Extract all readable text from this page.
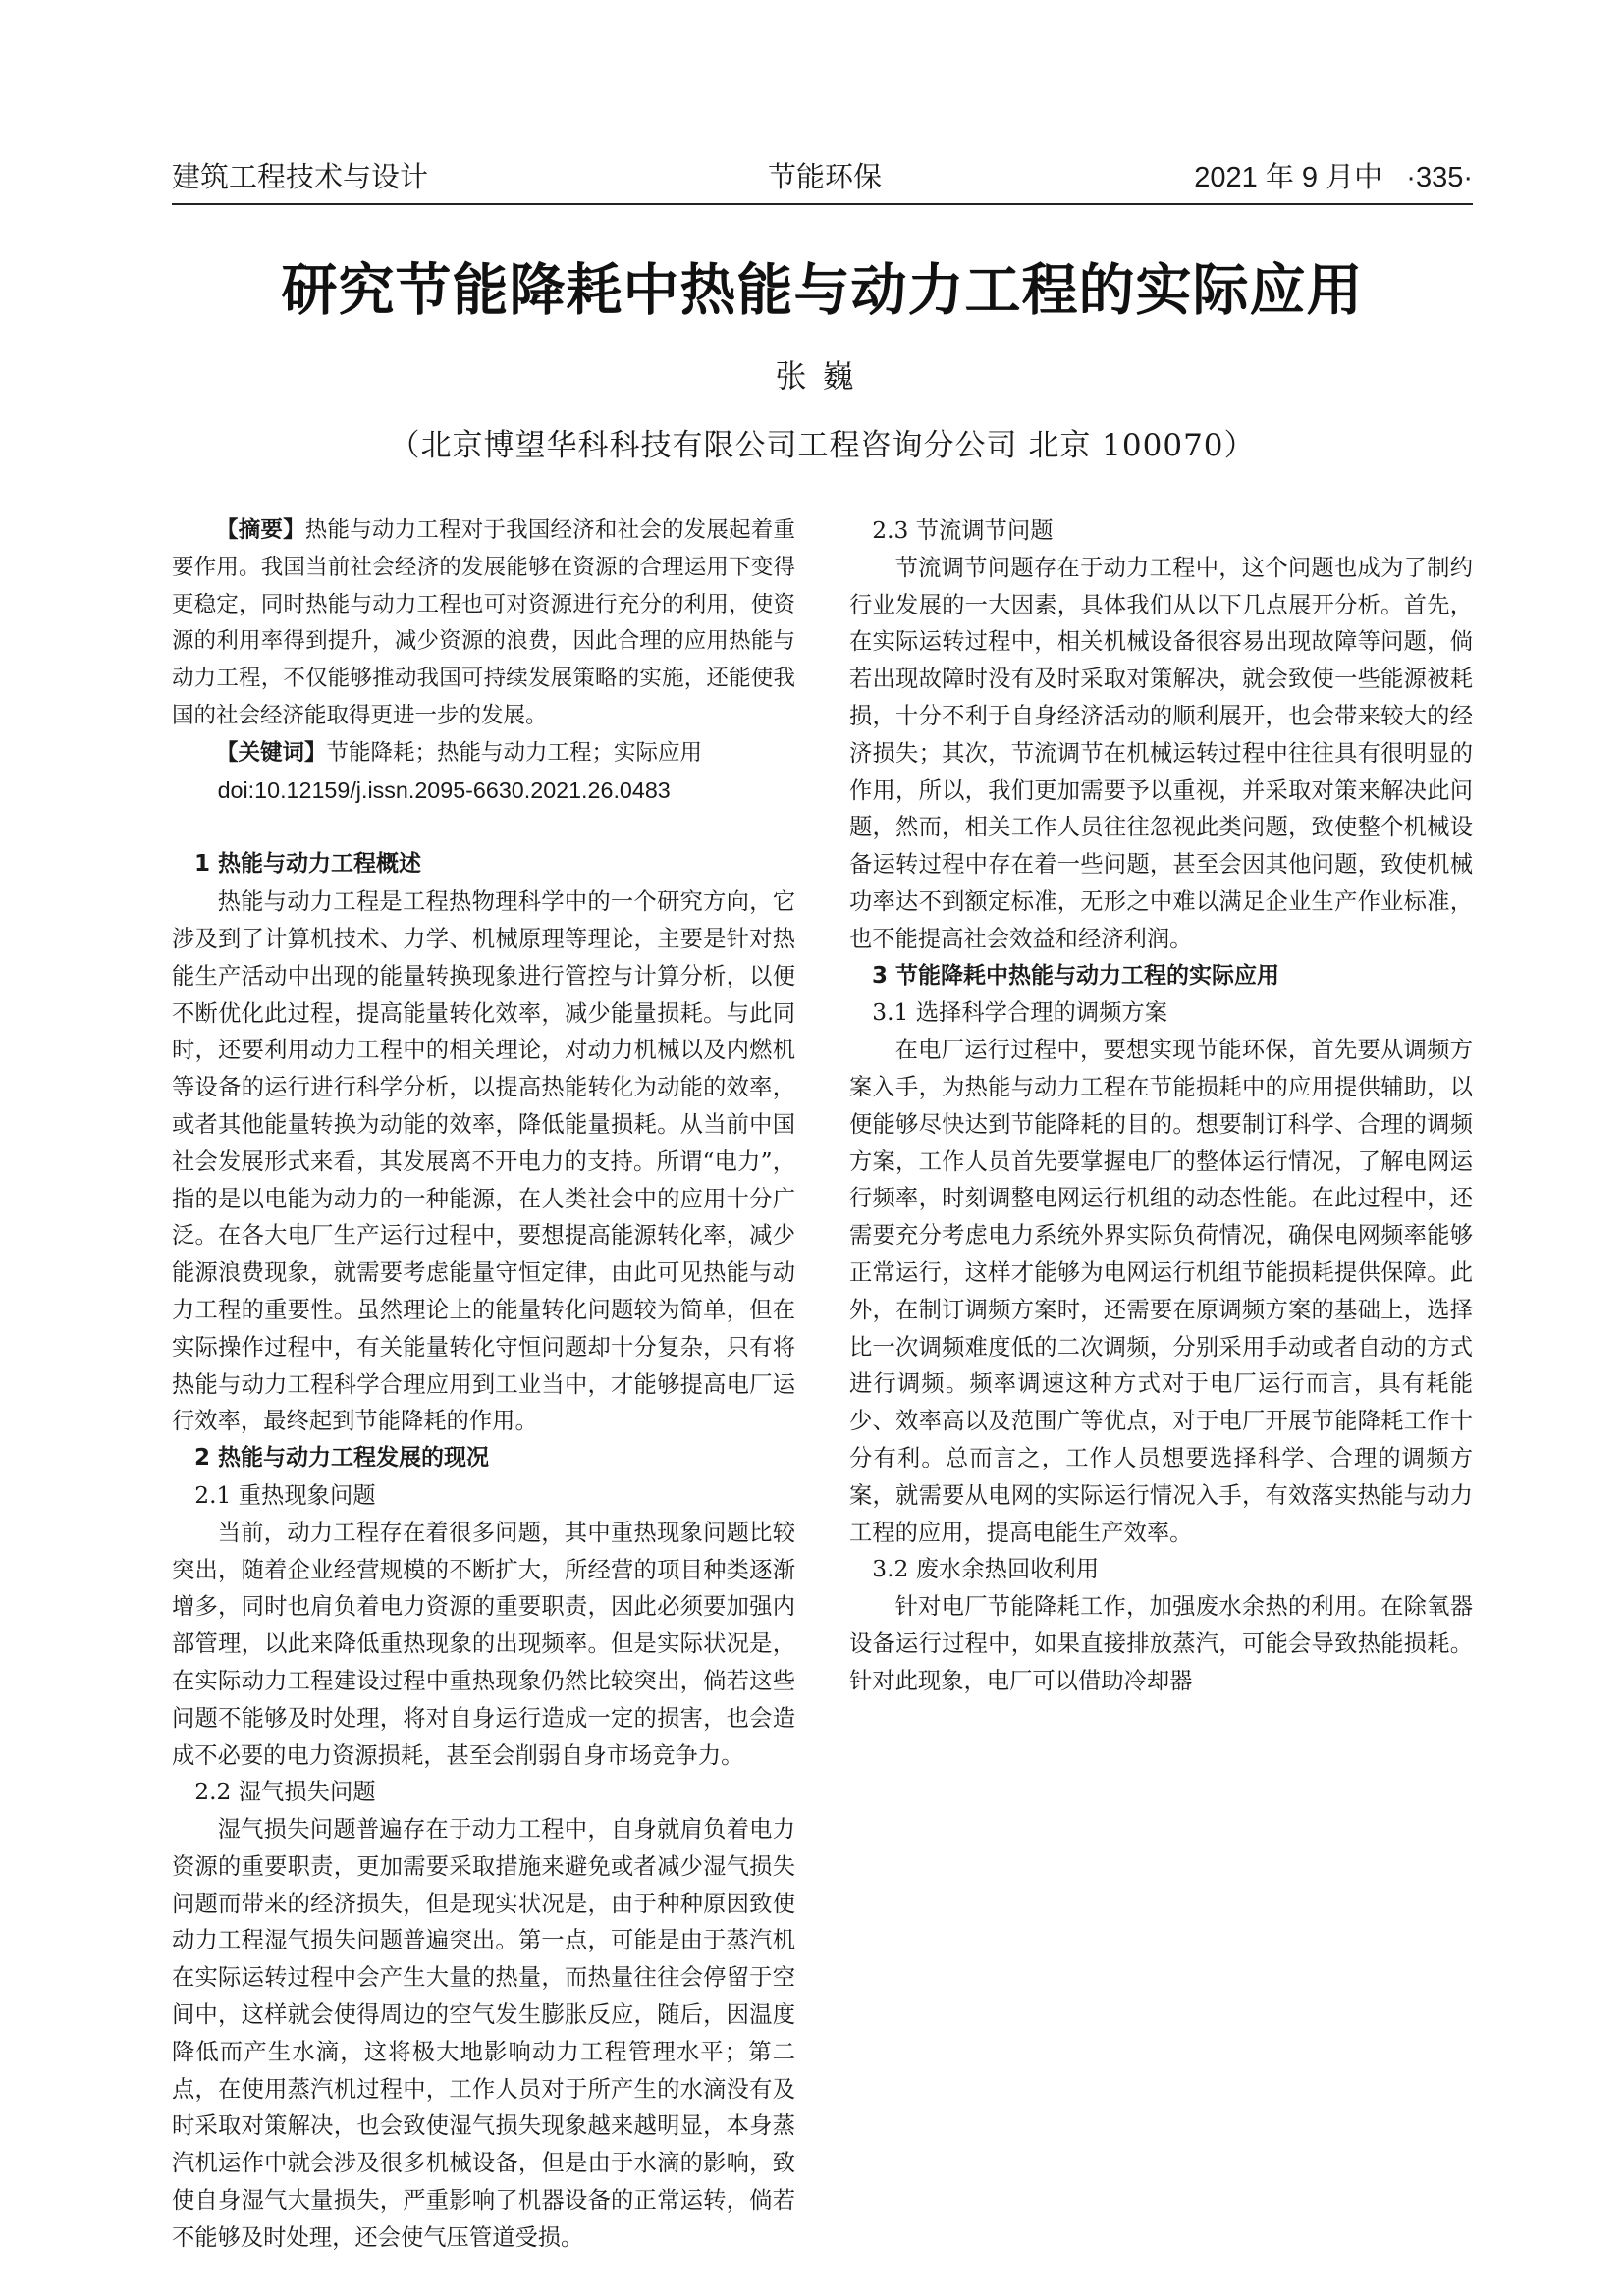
建筑工程技术与设计	节能环保	2021 年 9 月中 ·335·
研究节能降耗中热能与动力工程的实际应用
张巍
（北京博望华科科技有限公司工程咨询分公司 北京 100070）

【摘要】热能与动力工程对于我国经济和社会的发展起着重要作用。我国当前社会经济的发展能够在资源的合理运用下变得更稳定，同时热能与动力工程也可对资源进行充分的利用，使资源的利用率得到提升，减少资源的浪费，因此合理的应用热能与动力工程，不仅能够推动我国可持续发展策略的实施，还能使我国的社会经济能取得更进一步的发展。

【关键词】节能降耗；热能与动力工程；实际应用

doi:10.12159/j.issn.2095-6630.2021.26.0483
1 热能与动力工程概述

热能与动力工程是工程热物理科学中的一个研究方向，它涉及到了计算机技术、力学、机械原理等理论，主要是针对热能生产活动中出现的能量转换现象进行管控与计算分析，以便不断优化此过程，提高能量转化效率，减少能量损耗。与此同时，还要利用动力工程中的相关理论，对动力机械以及内燃机等设备的运行进行科学分析，以提高热能转化为动能的效率，或者其他能量转换为动能的效率，降低能量损耗。从当前中国社会发展形式来看，其发展离不开电力的支持。所谓“电力”，指的是以电能为动力的一种能源，在人类社会中的应用十分广泛。在各大电厂生产运行过程中，要想提高能源转化率，减少能源浪费现象，就需要考虑能量守恒定律，由此可见热能与动力工程的重要性。虽然理论上的能量转化问题较为简单，但在实际操作过程中，有关能量转化守恒问题却十分复杂，只有将热能与动力工程科学合理应用到工业当中，才能够提高电厂运行效率，最终起到节能降耗的作用。

2 热能与动力工程发展的现况
2.1 重热现象问题

当前，动力工程存在着很多问题，其中重热现象问题比较突出，随着企业经营规模的不断扩大，所经营的项目种类逐渐增多，同时也肩负着电力资源的重要职责，因此必须要加强内部管理，以此来降低重热现象的出现频率。但是实际状况是，在实际动力工程建设过程中重热现象仍然比较突出，倘若这些问题不能够及时处理，将对自身运行造成一定的损害，也会造成不必要的电力资源损耗，甚至会削弱自身市场竞争力。

2.2 湿气损失问题

湿气损失问题普遍存在于动力工程中，自身就肩负着电力资源的重要职责，更加需要采取措施来避免或者减少湿气损失问题而带来的经济损失，但是现实状况是，由于种种原因致使动力工程湿气损失问题普遍突出。第一点，可能是由于蒸汽机在实际运转过程中会产生大量的热量，而热量往往会停留于空间中，这样就会使得周边的空气发生膨胀反应，随后，因温度降低而产生水滴，这将极大地影响动力工程管理水平；第二点，在使用蒸汽机过程中，工作人员对于所产生的水滴没有及时采取对策解决，也会致使湿气损失现象越来越明显，本身蒸汽机运作中就会涉及很多机械设备，但是由于水滴的影响，致使自身湿气大量损失，严重影响了机器设备的正常运转，倘若不能够及时处理，还会使气压管道受损。

2.3 节流调节问题

节流调节问题存在于动力工程中，这个问题也成为了制约行业发展的一大因素，具体我们从以下几点展开分析。首先，在实际运转过程中，相关机械设备很容易出现故障等问题，倘若出现故障时没有及时采取对策解决，就会致使一些能源被耗损，十分不利于自身经济活动的顺利展开，也会带来较大的经济损失；其次，节流调节在机械运转过程中往往具有很明显的作用，所以，我们更加需要予以重视，并采取对策来解决此问题，然而，相关工作人员往往忽视此类问题，致使整个机械设备运转过程中存在着一些问题，甚至会因其他问题，致使机械功率达不到额定标准，无形之中难以满足企业生产作业标准，也不能提高社会效益和经济利润。

3 节能降耗中热能与动力工程的实际应用
3.1 选择科学合理的调频方案

在电厂运行过程中，要想实现节能环保，首先要从调频方案入手，为热能与动力工程在节能损耗中的应用提供辅助，以便能够尽快达到节能降耗的目的。想要制订科学、合理的调频方案，工作人员首先要掌握电厂的整体运行情况，了解电网运行频率，时刻调整电网运行机组的动态性能。在此过程中，还需要充分考虑电力系统外界实际负荷情况，确保电网频率能够正常运行，这样才能够为电网运行机组节能损耗提供保障。此外，在制订调频方案时，还需要在原调频方案的基础上，选择比一次调频难度低的二次调频，分别采用手动或者自动的方式进行调频。频率调速这种方式对于电厂运行而言，具有耗能少、效率高以及范围广等优点，对于电厂开展节能降耗工作十分有利。总而言之，工作人员想要选择科学、合理的调频方案，就需要从电网的实际运行情况入手，有效落实热能与动力工程的应用，提高电能生产效率。

3.2 废水余热回收利用

针对电厂节能降耗工作，加强废水余热的利用。在除氧器设备运行过程中，如果直接排放蒸汽，可能会导致热能损耗。针对此现象，电厂可以借助冷却器
